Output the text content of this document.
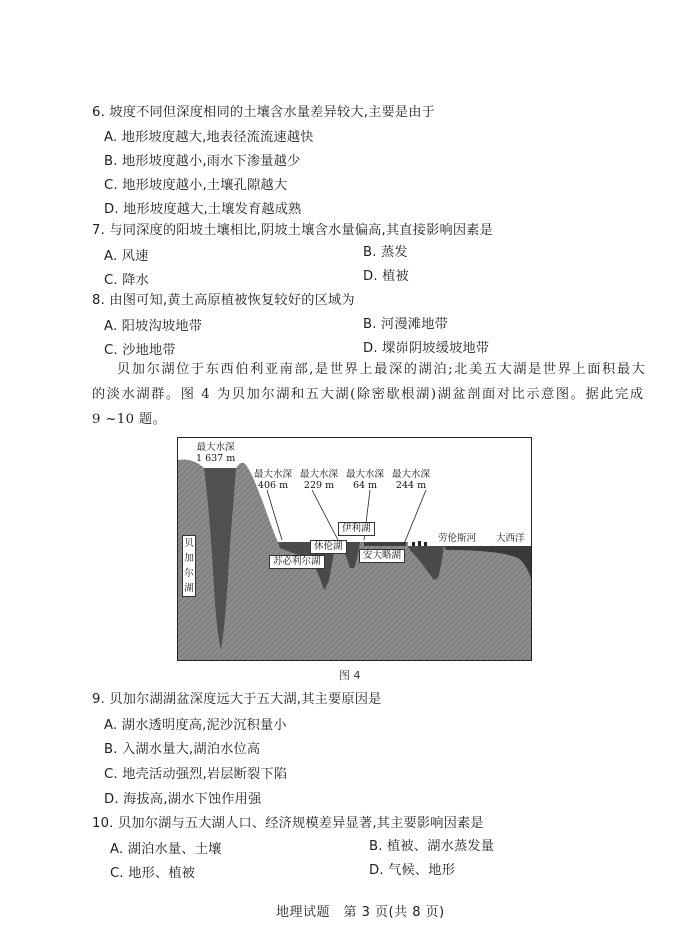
6. 坡度不同但深度相同的土壤含水量差异较大,主要是由于
A. 地形坡度越大,地表径流流速越快
B. 地形坡度越小,雨水下渗量越少
C. 地形坡度越小,土壤孔隙越大
D. 地形坡度越大,土壤发育越成熟
7. 与同深度的阳坡土壤相比,阴坡土壤含水量偏高,其直接影响因素是
A. 风速	B. 蒸发
C. 降水	D. 植被
8. 由图可知,黄土高原植被恢复较好的区域为
A. 阳坡沟坡地带	B. 河漫滩地带
C. 沙地地带	D. 墚峁阴坡缓坡地带
贝加尔湖位于东西伯利亚南部,是世界上最深的湖泊;北美五大湖是世界上面积最大
的淡水湖群。图 4 为贝加尔湖和五大湖(除密歇根湖)湖盆剖面对比示意图。据此完成
9 ~10 题。
最大水深
1 637 m
最大水深
406 m
最大水深
229 m
最大水深
64 m
最大水深
244 m
劳伦斯河 大西洋
贝加尔湖
苏必利尔湖
休伦湖
伊利湖
安大略湖
图 4
9. 贝加尔湖湖盆深度远大于五大湖,其主要原因是
A. 湖水透明度高,泥沙沉积量小
B. 入湖水量大,湖泊水位高
C. 地壳活动强烈,岩层断裂下陷
D. 海拔高,湖水下蚀作用强
10. 贝加尔湖与五大湖人口、经济规模差异显著,其主要影响因素是
A. 湖泊水量、土壤	B. 植被、湖水蒸发量
C. 地形、植被	D. 气候、地形
地理试题　第 3 页(共 8 页)
